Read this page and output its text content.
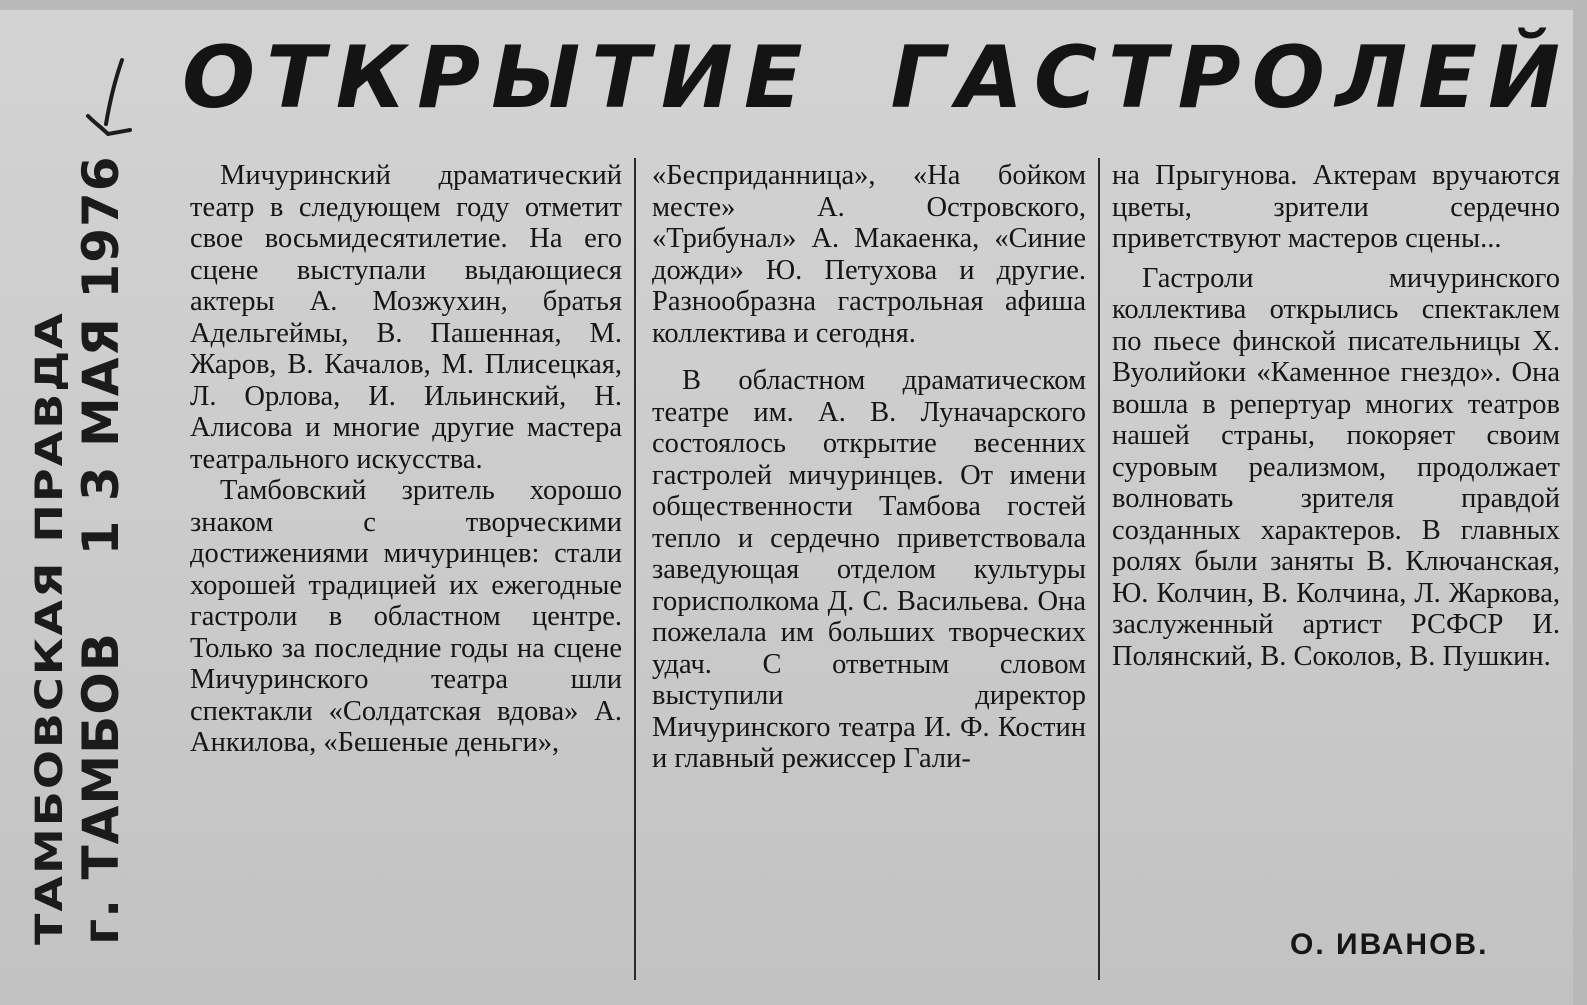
ТАМБОВСКАЯ ПРАВДА г. ТАМБОВ  1 3 МАЯ 1976
ОТКРЫТИЕ ГАСТРОЛЕЙ

Мичуринский драматический театр в следующем году отметит свое восьмидесятилетие. На его сцене выступали выдающиеся актеры А. Мозжухин, братья Адельгеймы, В. Пашенная, М. Жаров, В. Качалов, М. Плисецкая, Л. Орлова, И. Ильинский, Н. Алисова и многие другие мастера театрального искусства.

Тамбовский зритель хорошо знаком с творческими достижениями мичуринцев: стали хорошей традицией их ежегодные гастроли в областном центре. Только за последние годы на сцене Мичуринского театра шли спектакли «Солдатская вдова» А. Анкилова, «Бешеные деньги»,

«Бесприданница», «На бойком месте» А. Островского, «Трибунал» А. Макаенка, «Синие дожди» Ю. Петухова и другие. Разнообразна гастрольная афиша коллектива и сегодня.

В областном драматическом театре им. А. В. Луначарского состоялось открытие весенних гастролей мичуринцев. От имени общественности Тамбова гостей тепло и сердечно приветствовала заведующая отделом культуры горисполкома Д. С. Васильева. Она пожелала им больших творческих удач. С ответным словом выступили директор Мичуринского театра И. Ф. Костин и главный режиссер Гали-

на Прыгунова. Актерам вручаются цветы, зрители сердечно приветствуют мастеров сцены...

Гастроли мичуринского коллектива открылись спектаклем по пьесе финской писательницы Х. Вуолийоки «Каменное гнездо». Она вошла в репертуар многих театров нашей страны, покоряет своим суровым реализмом, продолжает волновать зрителя правдой созданных характеров. В главных ролях были заняты В. Ключанская, Ю. Колчин, В. Колчина, Л. Жаркова, заслуженный артист РСФСР И. Полянский, В. Соколов, В. Пушкин.

О. ИВАНОВ.
